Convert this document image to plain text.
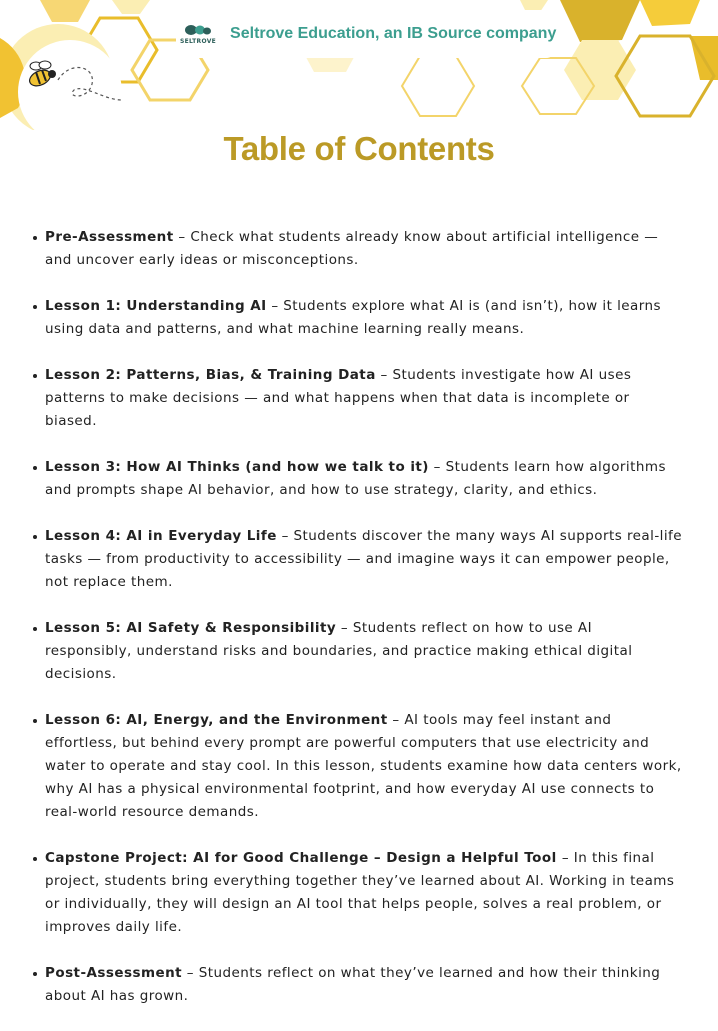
SELTROVE Seltrove Education, an IB Source company
Table of Contents
Pre-Assessment – Check what students already know about artificial intelligence — and uncover early ideas or misconceptions.
Lesson 1: Understanding AI – Students explore what AI is (and isn’t), how it learns using data and patterns, and what machine learning really means.
Lesson 2: Patterns, Bias, & Training Data – Students investigate how AI uses patterns to make decisions — and what happens when that data is incomplete or biased.
Lesson 3: How AI Thinks (and how we talk to it) – Students learn how algorithms and prompts shape AI behavior, and how to use strategy, clarity, and ethics.
Lesson 4: AI in Everyday Life – Students discover the many ways AI supports real-life tasks — from productivity to accessibility — and imagine ways it can empower people, not replace them.
Lesson 5: AI Safety & Responsibility – Students reflect on how to use AI responsibly, understand risks and boundaries, and practice making ethical digital decisions.
Lesson 6: AI, Energy, and the Environment – AI tools may feel instant and effortless, but behind every prompt are powerful computers that use electricity and water to operate and stay cool. In this lesson, students examine how data centers work, why AI has a physical environmental footprint, and how everyday AI use connects to real-world resource demands.
Capstone Project: AI for Good Challenge – Design a Helpful Tool – In this final project, students bring everything together they’ve learned about AI. Working in teams or individually, they will design an AI tool that helps people, solves a real problem, or improves daily life.
Post-Assessment – Students reflect on what they’ve learned and how their thinking about AI has grown.
